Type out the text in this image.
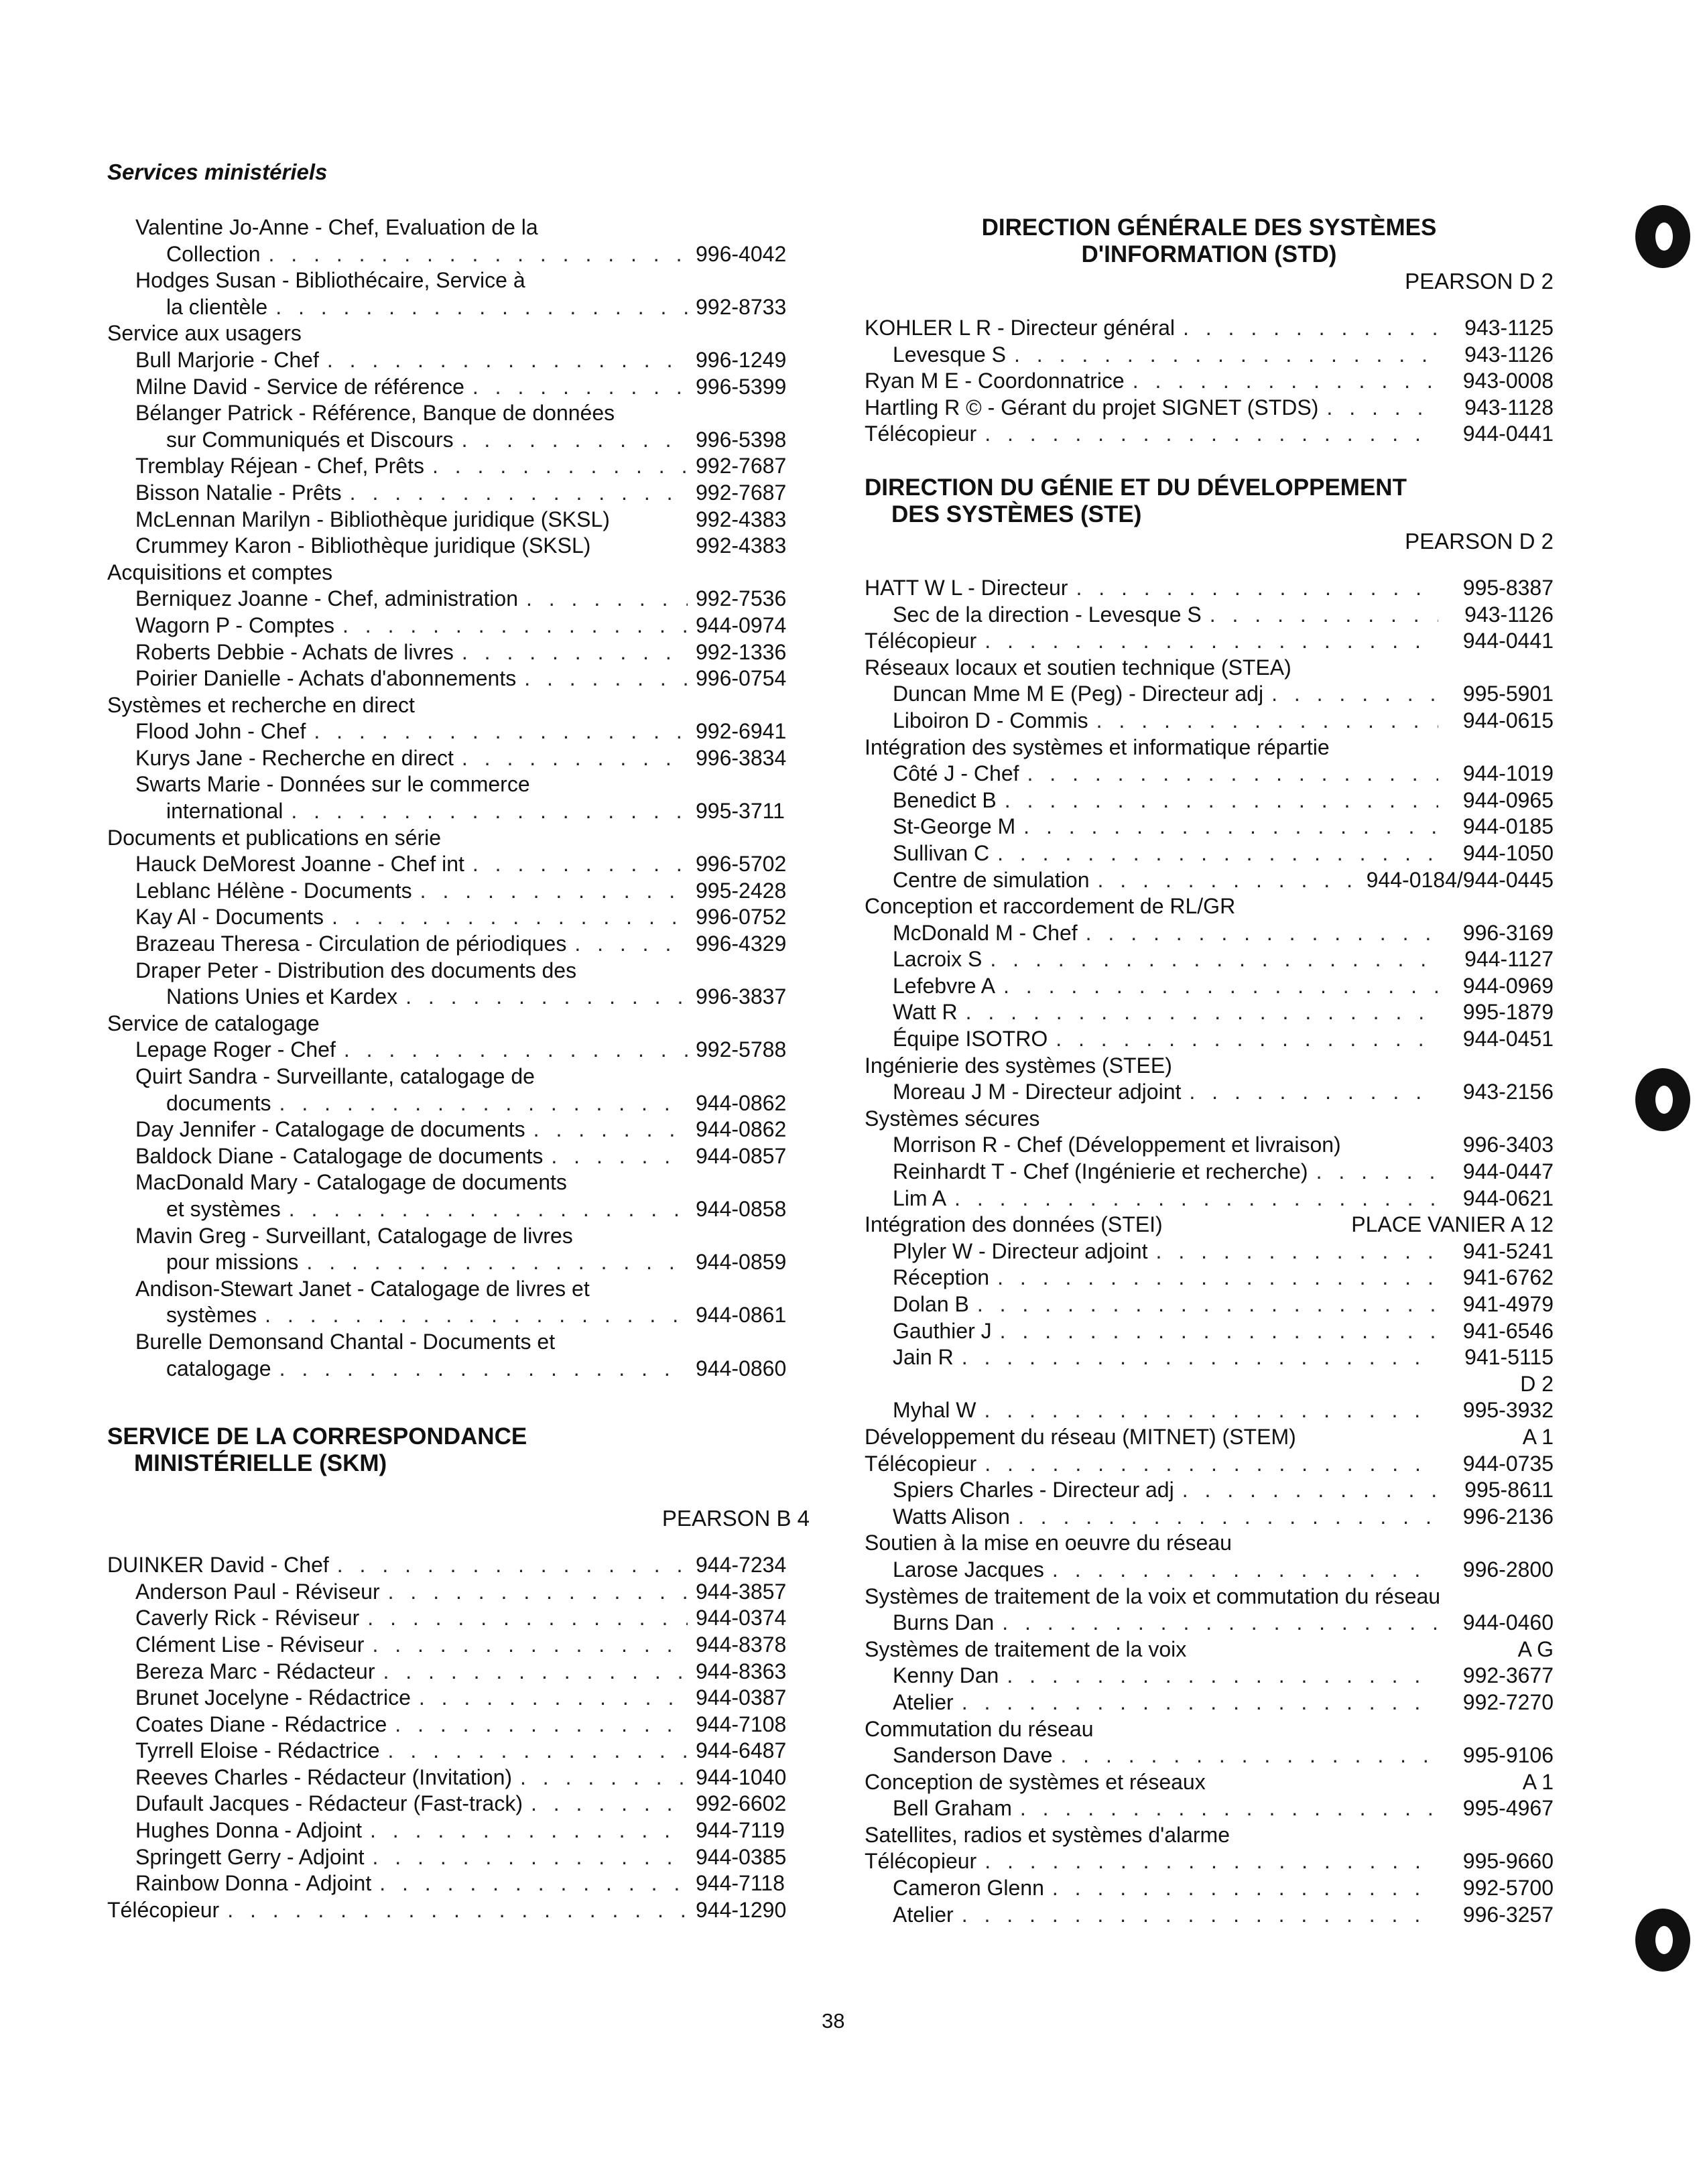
Services ministériels
Valentine Jo-Anne - Chef, Evaluation de la
Collection . . .	996-4042
Hodges Susan - Bibliothécaire, Service à
la clientèle . . .	992-8733
Service aux usagers
Bull Marjorie - Chef . . .	996-1249
Milne David - Service de référence . . .	996-5399
Bélanger Patrick - Référence, Banque de données
sur Communiqués et Discours . . .	996-5398
Tremblay Réjean - Chef, Prêts . . .	992-7687
Bisson Natalie - Prêts . . .	992-7687
McLennan Marilyn - Bibliothèque juridique (SKSL)	992-4383
Crummey Karon - Bibliothèque juridique (SKSL)	992-4383
Acquisitions et comptes
Berniquez Joanne - Chef, administration . . .	992-7536
Wagorn P - Comptes . . .	944-0974
Roberts Debbie - Achats de livres . . .	992-1336
Poirier Danielle - Achats d'abonnements . . .	996-0754
Systèmes et recherche en direct
Flood John - Chef . . .	992-6941
Kurys Jane - Recherche en direct . . .	996-3834
Swarts Marie - Données sur le commerce
international . . .	995-3711
Documents et publications en série
Hauck DeMorest Joanne - Chef int . . .	996-5702
Leblanc Hélène - Documents . . .	995-2428
Kay Al - Documents . . .	996-0752
Brazeau Theresa - Circulation de périodiques . . .	996-4329
Draper Peter - Distribution des documents des
Nations Unies et Kardex . . .	996-3837
Service de catalogage
Lepage Roger - Chef . . .	992-5788
Quirt Sandra - Surveillante, catalogage de
documents . . .	944-0862
Day Jennifer - Catalogage de documents . . .	944-0862
Baldock Diane - Catalogage de documents . . .	944-0857
MacDonald Mary - Catalogage de documents
et systèmes . . .	944-0858
Mavin Greg - Surveillant, Catalogage de livres
pour missions . . .	944-0859
Andison-Stewart Janet - Catalogage de livres et
systèmes . . .	944-0861
Burelle Demonsand Chantal - Documents et
catalogage . . .	944-0860
SERVICE DE LA CORRESPONDANCE
MINISTÉRIELLE (SKM)
PEARSON B 4
DUINKER David - Chef . . .	944-7234
Anderson Paul - Réviseur . . .	944-3857
Caverly Rick - Réviseur . . .	944-0374
Clément Lise - Réviseur . . .	944-8378
Bereza Marc - Rédacteur . . .	944-8363
Brunet Jocelyne - Rédactrice . . .	944-0387
Coates Diane - Rédactrice . . .	944-7108
Tyrrell Eloise - Rédactrice . . .	944-6487
Reeves Charles - Rédacteur (Invitation) . . .	944-1040
Dufault Jacques - Rédacteur (Fast-track) . . .	992-6602
Hughes Donna - Adjoint . . .	944-7119
Springett Gerry - Adjoint . . .	944-0385
Rainbow Donna - Adjoint . . .	944-7118
Télécopieur . . .	944-1290
DIRECTION GÉNÉRALE DES SYSTÈMES
D'INFORMATION (STD)
PEARSON D 2
KOHLER L R - Directeur général . . .	943-1125
Levesque S . . .	943-1126
Ryan M E - Coordonnatrice . . .	943-0008
Hartling R © - Gérant du projet SIGNET (STDS) . . .	943-1128
Télécopieur . . .	944-0441
DIRECTION DU GÉNIE ET DU DÉVELOPPEMENT
DES SYSTÈMES (STE)
PEARSON D 2
HATT W L - Directeur . . .	995-8387
Sec de la direction - Levesque S . . .	943-1126
Télécopieur . . .	944-0441
Réseaux locaux et soutien technique (STEA)
Duncan Mme M E (Peg) - Directeur adj . . .	995-5901
Liboiron D - Commis . . .	944-0615
Intégration des systèmes et informatique répartie
Côté J - Chef . . .	944-1019
Benedict B . . .	944-0965
St-George M . . .	944-0185
Sullivan C . . .	944-1050
Centre de simulation . . .	944-0184/944-0445
Conception et raccordement de RL/GR
McDonald M - Chef . . .	996-3169
Lacroix S . . .	944-1127
Lefebvre A . . .	944-0969
Watt R . . .	995-1879
Équipe ISOTRO . . .	944-0451
Ingénierie des systèmes (STEE)
Moreau J M - Directeur adjoint . . .	943-2156
Systèmes sécures
Morrison R - Chef (Développement et livraison)	996-3403
Reinhardt T - Chef (Ingénierie et recherche) . . .	944-0447
Lim A . . .	944-0621
Intégration des données (STEI)	PLACE VANIER A 12
Plyler W - Directeur adjoint . . .	941-5241
Réception . . .	941-6762
Dolan B . . .	941-4979
Gauthier J . . .	941-6546
Jain R . . .	941-5115
D 2
Myhal W . . .	995-3932
Développement du réseau (MITNET) (STEM)	A 1
Télécopieur . . .	944-0735
Spiers Charles - Directeur adj . . .	995-8611
Watts Alison . . .	996-2136
Soutien à la mise en oeuvre du réseau
Larose Jacques . . .	996-2800
Systèmes de traitement de la voix et commutation du réseau
Burns Dan . . .	944-0460
Systèmes de traitement de la voix	A G
Kenny Dan . . .	992-3677
Atelier . . .	992-7270
Commutation du réseau
Sanderson Dave . . .	995-9106
Conception de systèmes et réseaux	A 1
Bell Graham . . .	995-4967
Satellites, radios et systèmes d'alarme
Télécopieur . . .	995-9660
Cameron Glenn . . .	992-5700
Atelier . . .	996-3257
38
